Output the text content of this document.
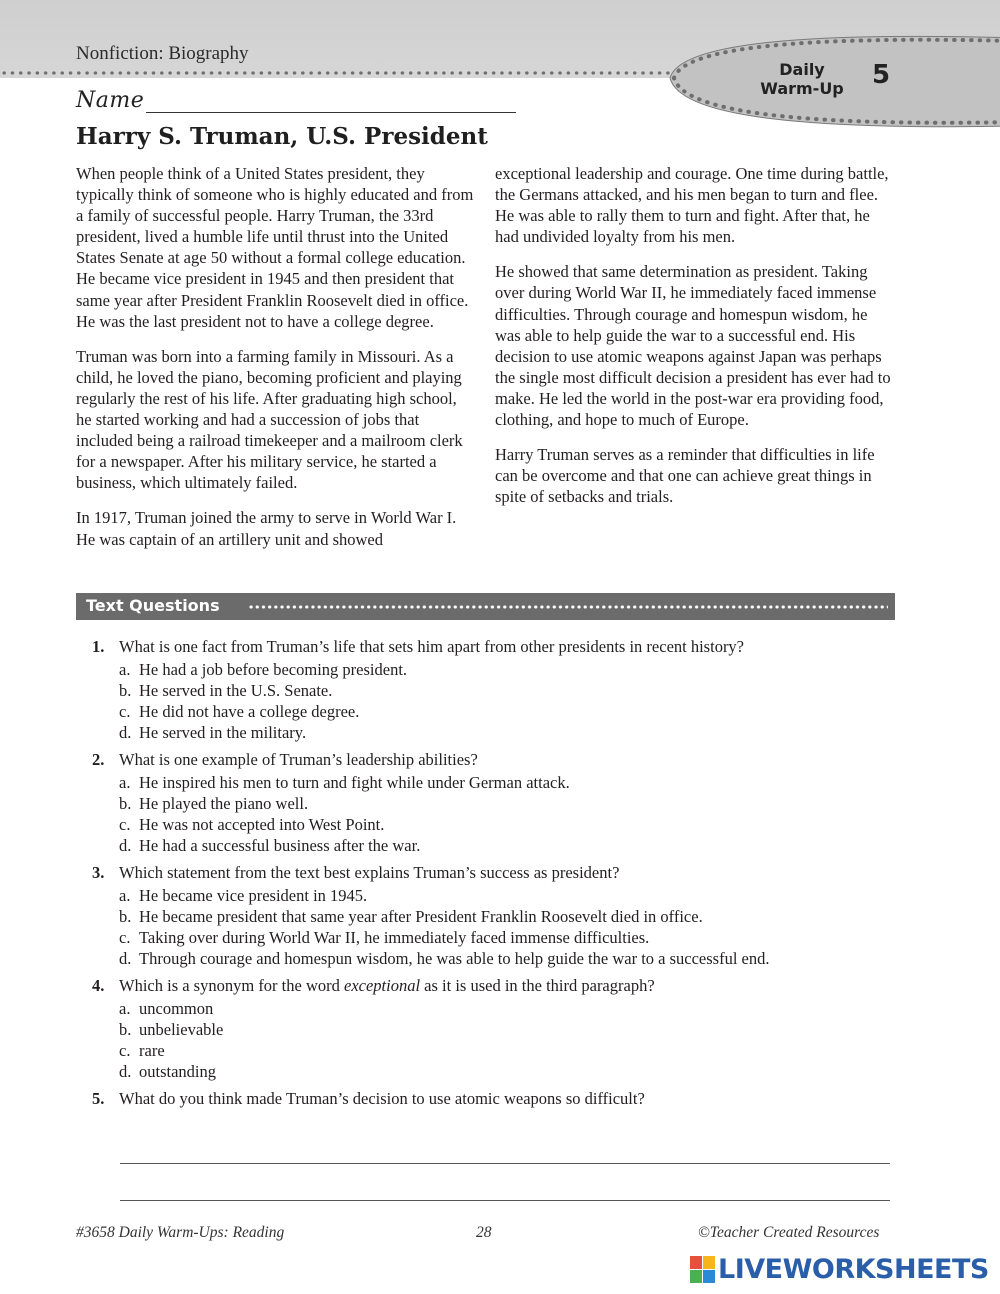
Nonfiction: Biography
Daily
Warm-Up	5
Name
Harry S. Truman, U.S. President

When people think of a United States president, they typically think of someone who is highly educated and from a family of successful people. Harry Truman, the 33rd president, lived a humble life until thrust into the United States Senate at age 50 without a formal college education. He became vice president in 1945 and then president that same year after President Franklin Roosevelt died in office. He was the last president not to have a college degree.

Truman was born into a farming family in Missouri. As a child, he loved the piano, becoming proficient and playing regularly the rest of his life. After graduating high school, he started working and had a succession of jobs that included being a railroad timekeeper and a mailroom clerk for a newspaper. After his military service, he started a business, which ultimately failed.

In 1917, Truman joined the army to serve in World War I. He was captain of an artillery unit and showed

exceptional leadership and courage. One time during battle, the Germans attacked, and his men began to turn and flee. He was able to rally them to turn and fight. After that, he had undivided loyalty from his men.

He showed that same determination as president. Taking over during World War II, he immediately faced immense difficulties. Through courage and homespun wisdom, he was able to help guide the war to a successful end. His decision to use atomic weapons against Japan was perhaps the single most difficult decision a president has ever had to make. He led the world in the post-war era providing food, clothing, and hope to much of Europe.

Harry Truman serves as a reminder that difficulties in life can be overcome and that one can achieve great things in spite of setbacks and trials.

Text Questions
1. What is one fact from Truman’s life that sets him apart from other presidents in recent history?
a. He had a job before becoming president.
b. He served in the U.S. Senate.
c. He did not have a college degree.
d. He served in the military.
2. What is one example of Truman’s leadership abilities?
a. He inspired his men to turn and fight while under German attack.
b. He played the piano well.
c. He was not accepted into West Point.
d. He had a successful business after the war.
3. Which statement from the text best explains Truman’s success as president?
a. He became vice president in 1945.
b. He became president that same year after President Franklin Roosevelt died in office.
c. Taking over during World War II, he immediately faced immense difficulties.
d. Through courage and homespun wisdom, he was able to help guide the war to a successful end.
4. Which is a synonym for the word exceptional as it is used in the third paragraph?
a. uncommon
b. unbelievable
c. rare
d. outstanding
5. What do you think made Truman’s decision to use atomic weapons so difficult?
#3658 Daily Warm-Ups: Reading	28	©Teacher Created Resources
LIVEWORKSHEETS
